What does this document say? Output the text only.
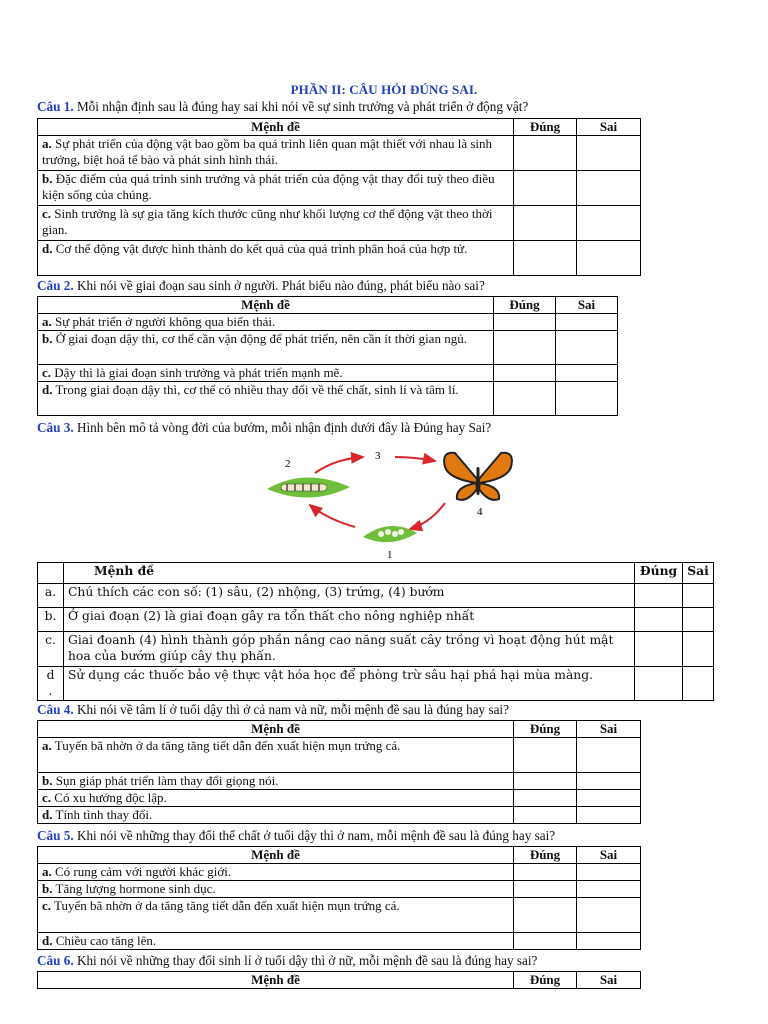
PHẦN II: CÂU HỎI ĐÚNG SAI.
Câu 1. Mỗi nhận định sau là đúng hay sai khi nói về sự sinh trưởng và phát triển ở động vật?
Mệnh đề	Đúng	Sai
a. Sự phát triển của động vật bao gồm ba quá trình liên quan mật thiết với nhau là sinh trưởng, biệt hoá tế bào và phát sinh hình thái.		
b. Đặc điểm của quá trình sinh trưởng và phát triển của động vật thay đổi tuỳ theo điều kiện sống của chúng.		
c. Sinh trưởng là sự gia tăng kích thước cũng như khối lượng cơ thể động vật theo thời gian.		
d. Cơ thể động vật được hình thành do kết quả của quá trình phân hoá của hợp tử.		
Câu 2. Khi nói về giai đoạn sau sinh ở người. Phát biểu nào đúng, phát biểu nào sai?
Mệnh đề	Đúng	Sai
a. Sự phát triển ở người không qua biến thái.		
b. Ở giai đoạn dậy thì, cơ thể cần vận động để phát triển, nên cần ít thời gian ngủ.		
c. Dậy thì là giai đoạn sinh trưởng và phát triển mạnh mẽ.		
d. Trong giai đoạn dậy thì, cơ thể có nhiều thay đổi về thể chất, sinh lí và tâm lí.		
Câu 3. Hình bên mô tả vòng đời của bướm, mỗi nhận định dưới đây là Đúng hay Sai?
1
2
3
4
	Mệnh đề	Đúng	Sai
a.	Chú thích các con số: (1) sâu, (2) nhộng, (3) trứng, (4) bướm		
b.	Ở giai đoạn (2) là giai đoạn gây ra tổn thất cho nông nghiệp nhất		
c.	Giai đoanh (4) hình thành góp phần nâng cao năng suất cây trồng vì hoạt động hút mật hoa của bướm giúp cây thụ phấn.		
d
.	Sử dụng các thuốc bảo vệ thực vật hóa học để phòng trừ sâu hại phá hại mùa màng.		
Câu 4. Khi nói về tâm lí ở tuổi dậy thì ở cả nam và nữ, mỗi mệnh đề sau là đúng hay sai?
Mệnh đề	Đúng	Sai
a. Tuyến bã nhờn ở da tăng tăng tiết dẫn đến xuất hiện mụn trứng cá.		
b. Sụn giáp phát triển làm thay đổi giọng nói.		
c. Có xu hướng độc lập.		
d. Tính tình thay đổi.		
Câu 5. Khi nói về những thay đổi thể chất ở tuổi dậy thì ở nam, mỗi mệnh đề sau là đúng hay sai?
Mệnh đề	Đúng	Sai
a. Có rung cảm với người khác giới.		
b. Tăng lượng hormone sinh dục.		
c. Tuyến bã nhờn ở da tăng tăng tiết dẫn đến xuất hiện mụn trứng cá.		
d. Chiều cao tăng lên.		
Câu 6. Khi nói về những thay đổi sinh lí ở tuổi dậy thì ở nữ, mỗi mệnh đề sau là đúng hay sai?
Mệnh đề	Đúng	Sai
